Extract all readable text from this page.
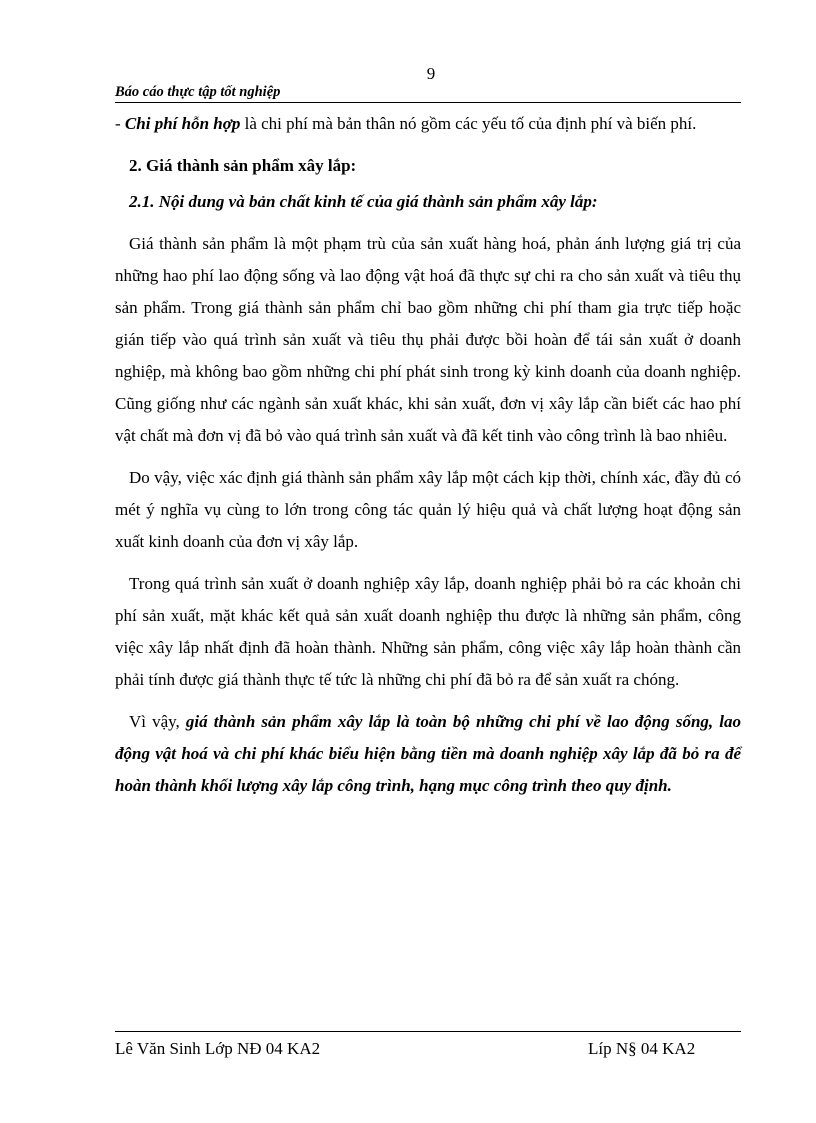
9
Báo cáo thực tập tốt nghiệp

- Chi phí hỗn hợp là chi phí mà bản thân nó gồm các yếu tố của định phí và biến phí.

2. Giá thành sản phẩm xây lắp:

2.1. Nội dung và bản chất kinh tế của giá thành sản phẩm xây lắp:

Giá thành sản phẩm là một phạm trù của sản xuất hàng hoá, phản ánh lượng giá trị của những hao phí lao động sống và lao động vật hoá đã thực sự chi ra cho sản xuất và tiêu thụ sản phẩm. Trong giá thành sản phẩm chỉ bao gồm những chi phí tham gia trực tiếp hoặc gián tiếp vào quá trình sản xuất và tiêu thụ phải được bồi hoàn để tái sản xuất ở doanh nghiệp, mà không bao gồm những chi phí phát sinh trong kỳ kinh doanh của doanh nghiệp. Cũng giống như các ngành sản xuất khác, khi sản xuất, đơn vị xây lắp cần biết các hao phí vật chất mà đơn vị đã bỏ vào quá trình sản xuất và đã kết tinh vào công trình là bao nhiêu.

Do vậy, việc xác định giá thành sản phẩm xây lắp một cách kịp thời, chính xác, đầy đủ có mét ý nghĩa vụ cùng to lớn trong công tác quản lý hiệu quả và chất lượng hoạt động sản xuất kinh doanh của đơn vị xây lắp.

Trong quá trình sản xuất ở doanh nghiệp xây lắp, doanh nghiệp phải bỏ ra các khoản chi phí sản xuất, mặt khác kết quả sản xuất doanh nghiệp thu được là những sản phẩm, công việc xây lắp nhất định đã hoàn thành. Những sản phẩm, công việc xây lắp hoàn thành cần phải tính được giá thành thực tế tức là những chi phí đã bỏ ra để sản xuất ra chóng.

Vì vậy, giá thành sản phẩm xây lắp là toàn bộ những chi phí về lao động sống, lao động vật hoá và chi phí khác biểu hiện bằng tiền mà doanh nghiệp xây lắp đã bỏ ra để hoàn thành khối lượng xây lắp công trình, hạng mục công trình theo quy định.

Lê Văn Sinh Lớp NĐ 04 KA2	Líp N§ 04 KA2
